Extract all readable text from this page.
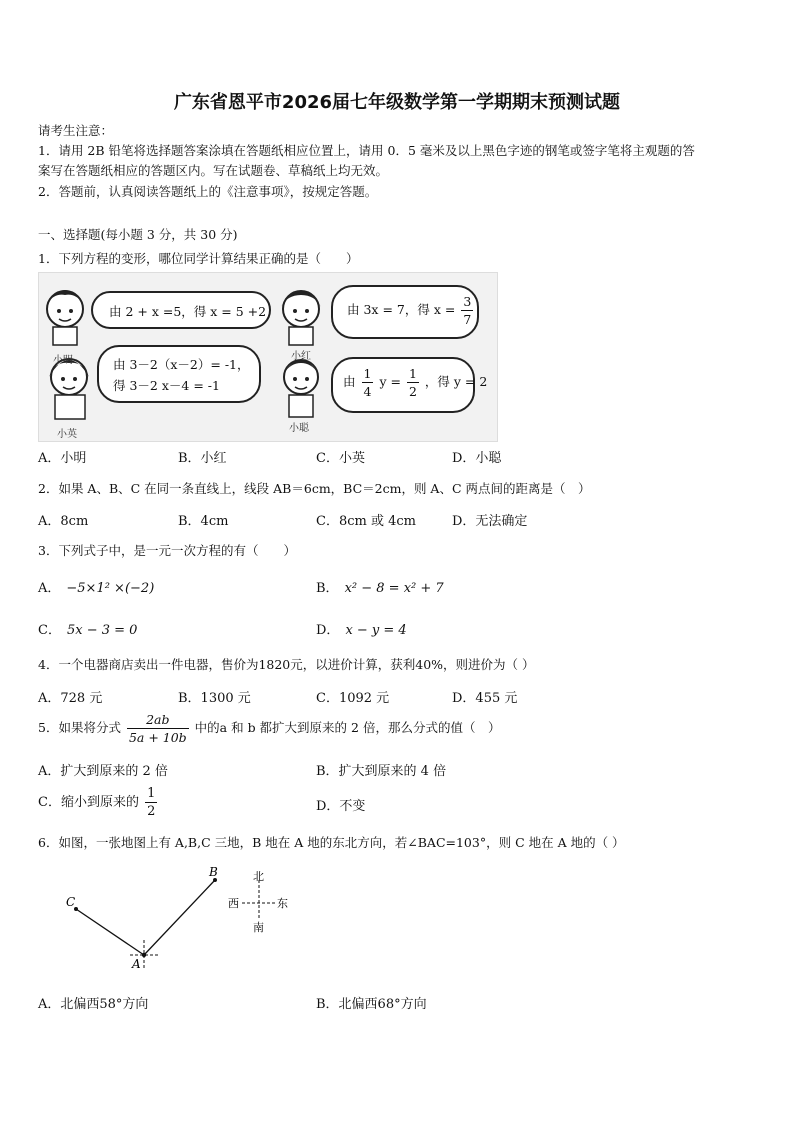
广东省恩平市2026届七年级数学第一学期期末预测试题
请考生注意：
1．请用 2B 铅笔将选择题答案涂填在答题纸相应位置上，请用 0．5 毫米及以上黑色字迹的钢笔或签字笔将主观题的答
案写在答题纸相应的答题区内。写在试题卷、草稿纸上均无效。
2．答题前，认真阅读答题纸上的《注意事项》，按规定答题。
一、选择题(每小题 3 分，共 30 分)
1．下列方程的变形，哪位同学计算结果正确的是（　　）
小明	小红
小英
小聪
由 2 + x =5，得 x = 5 +2	由 3x = 7，得 $x = \frac{3}{7}$
由 3－2（x－2）= -1，
得 3－2 x－4 = -1	由 $\frac{1}{4}$ $y = \frac{1}{2}$ ，得 y = 2
A．小明	B．小红	C．小英	D．小聪
2．如果 A、B、C 在同一条直线上，线段 AB＝6cm，BC＝2cm，则 A、C 两点间的距离是（　）
A．8cm	B．4cm	C．8cm 或 4cm	D．无法确定
3．下列式子中，是一元一次方程的有（　　）
A． −5×1² ×(−2)	B． x² − 8 = x² + 7
C． 5x − 3 = 0	D． x − y = 4
4．一个电器商店卖出一件电器，售价为1820元，以进价计算，获利40%，则进价为（ ）
A．728 元	B．1300 元	C．1092 元	D．455 元
5．如果将分式 $\frac{2ab}{5a + 10b}$ 中的a 和 b 都扩大到原来的 2 倍，那么分式的值（　）
A．扩大到原来的 2 倍	B．扩大到原来的 4 倍
C．缩小到原来的 $\frac{1}{2}$	D．不变
6．如图，一张地图上有 A,B,C 三地，B 地在 A 地的东北方向，若∠BAC=103°，则 C 地在 A 地的（ ）
A
B
C
北
南
西	东
A．北偏西58°方向	B．北偏西68°方向
